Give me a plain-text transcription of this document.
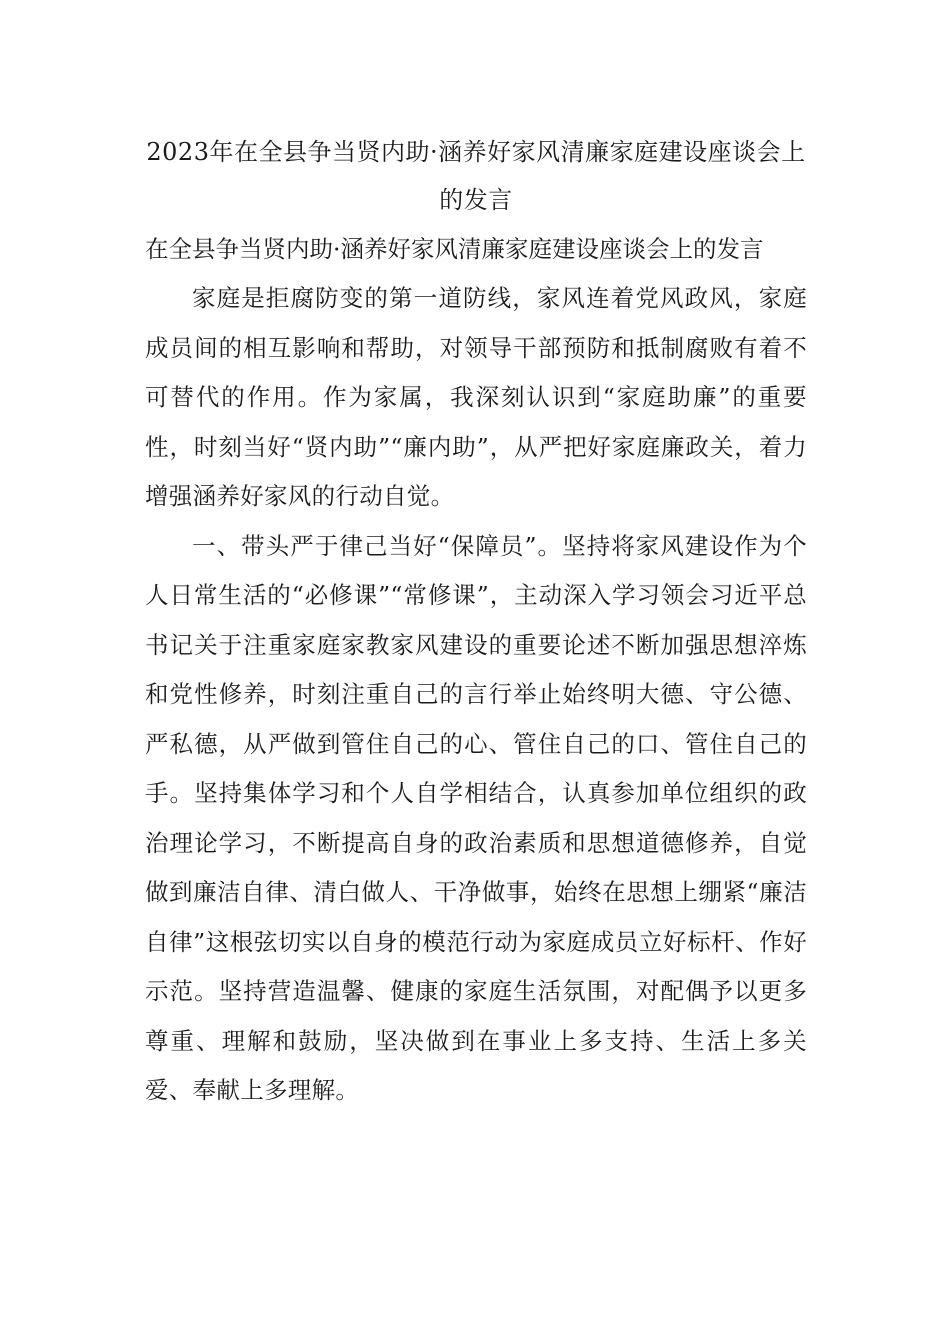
2023年在全县争当贤内助·涵养好家风清廉家庭建设座谈会上的发言

在全县争当贤内助·涵养好家风清廉家庭建设座谈会上的发言

家庭是拒腐防变的第一道防线，家风连着党风政风，家庭成员间的相互影响和帮助，对领导干部预防和抵制腐败有着不可替代的作用。作为家属，我深刻认识到“家庭助廉”的重要性，时刻当好“贤内助”“廉内助”，从严把好家庭廉政关，着力增强涵养好家风的行动自觉。

一、带头严于律己当好“保障员”。坚持将家风建设作为个人日常生活的“必修课”“常修课”，主动深入学习领会习近平总书记关于注重家庭家教家风建设的重要论述不断加强思想淬炼和党性修养，时刻注重自己的言行举止始终明大德、守公德、严私德，从严做到管住自己的心、管住自己的口、管住自己的手。坚持集体学习和个人自学相结合，认真参加单位组织的政治理论学习，不断提高自身的政治素质和思想道德修养，自觉做到廉洁自律、清白做人、干净做事，始终在思想上绷紧“廉洁自律”这根弦切实以自身的模范行动为家庭成员立好标杆、作好示范。坚持营造温馨、健康的家庭生活氛围，对配偶予以更多尊重、理解和鼓励，坚决做到在事业上多支持、生活上多关爱、奉献上多理解。
